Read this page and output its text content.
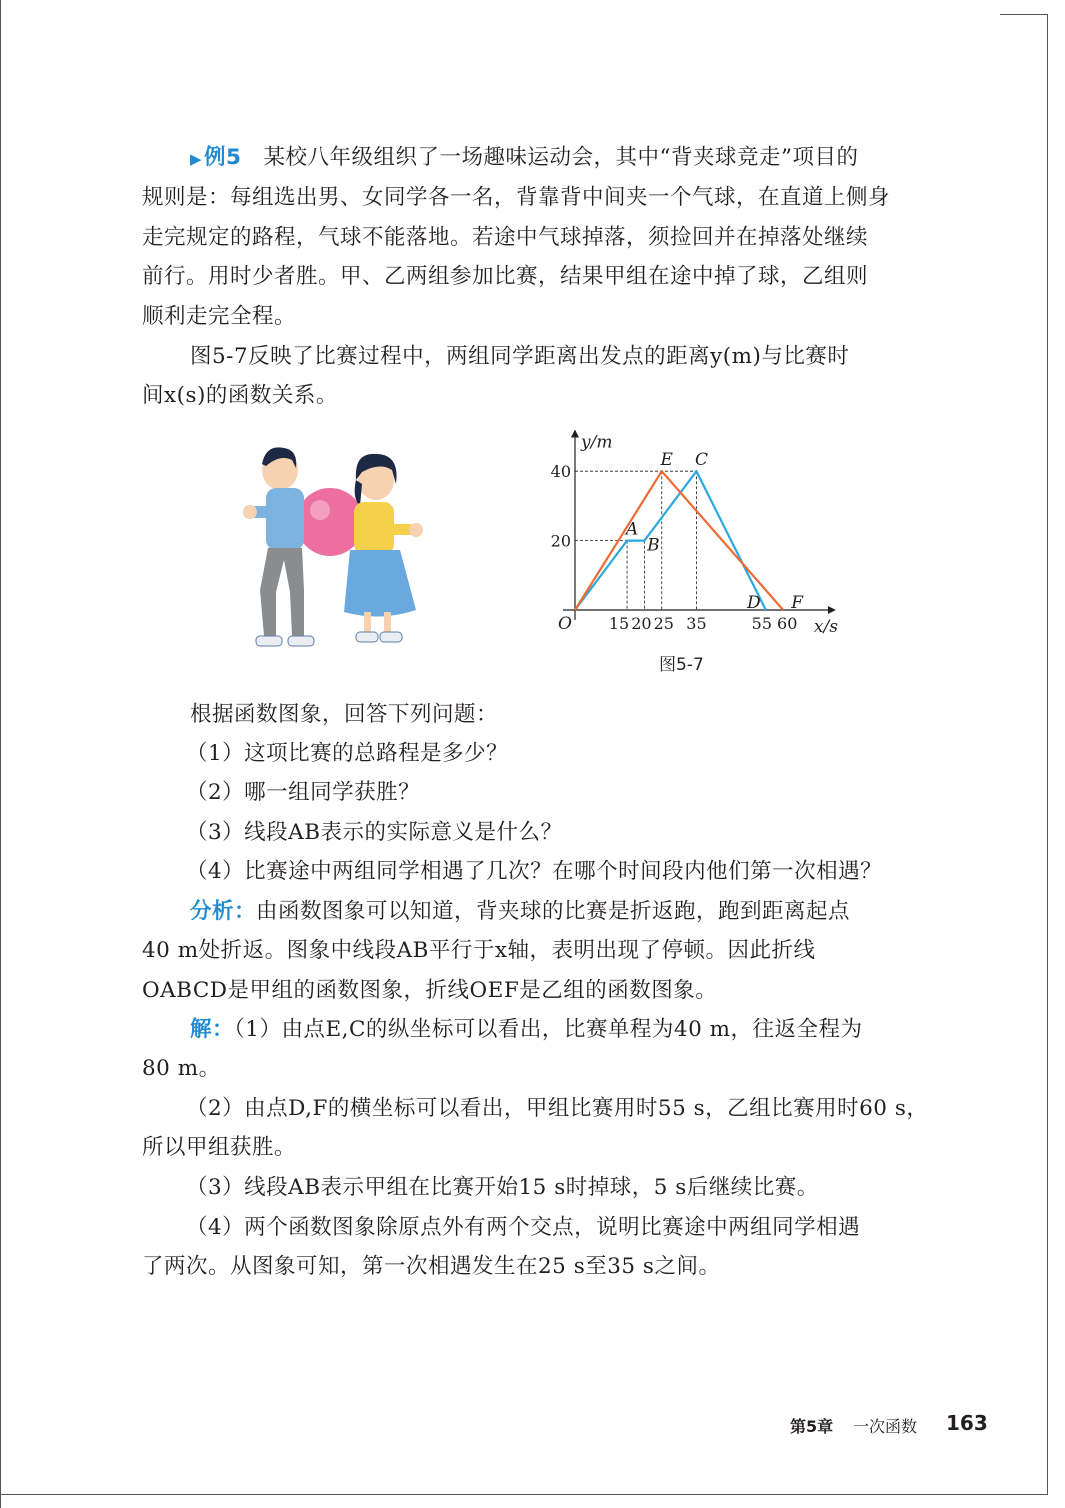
▶例5 某校八年级组织了一场趣味运动会，其中“背夹球竞走”项目的
规则是：每组选出男、女同学各一名，背靠背中间夹一个气球，在直道上侧身
走完规定的路程，气球不能落地。若途中气球掉落，须捡回并在掉落处继续
前行。用时少者胜。甲、乙两组参加比赛，结果甲组在途中掉了球，乙组则
顺利走完全程。
图5-7反映了比赛过程中，两组同学距离出发点的距离y(m)与比赛时
间x(s)的函数关系。
15 20 25 35	55 60
20
40
O	x/s
y/m
A
B
E C
D F
图5-7
根据函数图象，回答下列问题：
（1）这项比赛的总路程是多少？
（2）哪一组同学获胜？
（3）线段AB表示的实际意义是什么？
（4）比赛途中两组同学相遇了几次？在哪个时间段内他们第一次相遇？
分析：由函数图象可以知道，背夹球的比赛是折返跑，跑到距离起点
40 m处折返。图象中线段AB平行于x轴，表明出现了停顿。因此折线
OABCD是甲组的函数图象，折线OEF是乙组的函数图象。
解：（1）由点E,C的纵坐标可以看出，比赛单程为40 m，往返全程为
80 m。
（2）由点D,F的横坐标可以看出，甲组比赛用时55 s，乙组比赛用时60 s，
所以甲组获胜。
（3）线段AB表示甲组在比赛开始15 s时掉球，5 s后继续比赛。
（4）两个函数图象除原点外有两个交点，说明比赛途中两组同学相遇
了两次。从图象可知，第一次相遇发生在25 s至35 s之间。
第5章 一次函数 163
